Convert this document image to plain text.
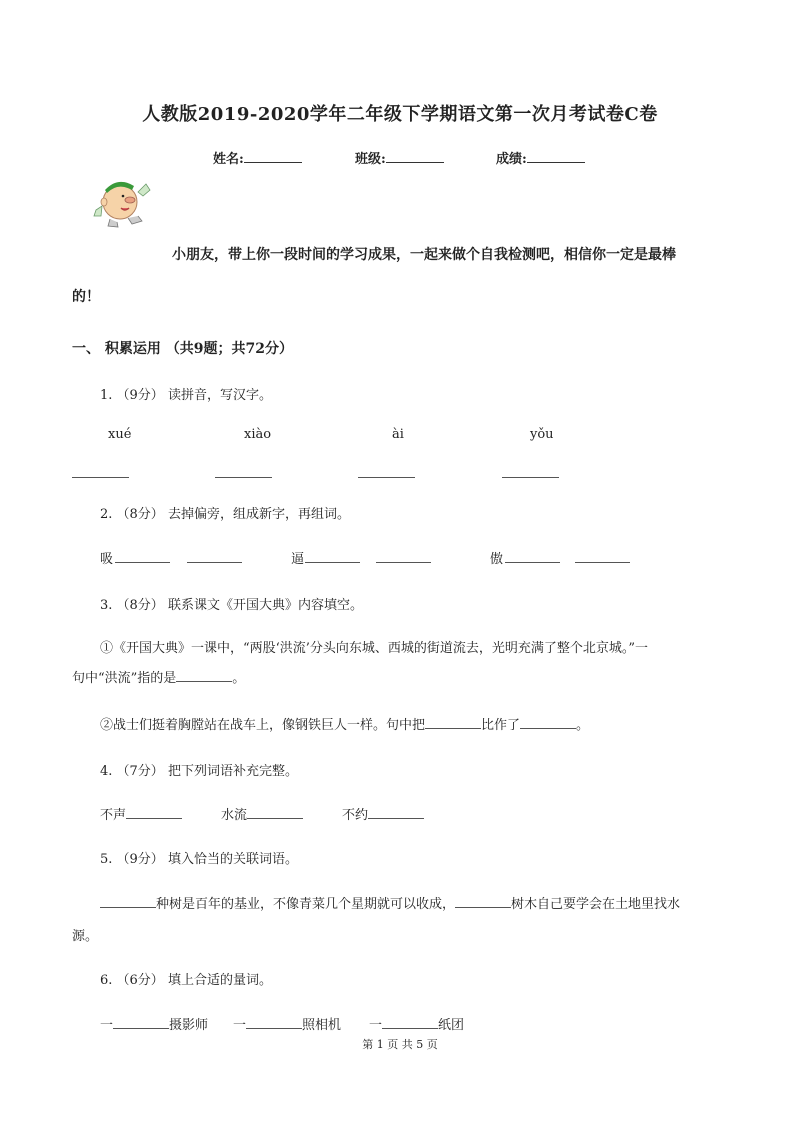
人教版2019-2020学年二年级下学期语文第一次月考试卷C卷
姓名:	班级:	成绩:
小朋友，带上你一段时间的学习成果，一起来做个自我检测吧，相信你一定是最棒
的！
一、 积累运用 （共9题；共72分）
1. （9分） 读拼音，写汉字。
xué	xiào	ài	yǒu
2. （8分） 去掉偏旁，组成新字，再组词。
吸	逼	傲
3. （8分） 联系课文《开国大典》内容填空。
①《开国大典》一课中，“两股‘洪流’分头向东城、西城的街道流去，光明充满了整个北京城。”一
句中“洪流”指的是	。
②战士们挺着胸膛站在战车上，像钢铁巨人一样。句中把	比作了	。
4. （7分） 把下列词语补充完整。
不声	水流	不约
5. （9分） 填入恰当的关联词语。
种树是百年的基业，不像青菜几个星期就可以收成，	树木自己要学会在土地里找水
源。
6. （6分） 填上合适的量词。
一	摄影师 一	照相机 一	纸团
第 1 页 共 5 页
